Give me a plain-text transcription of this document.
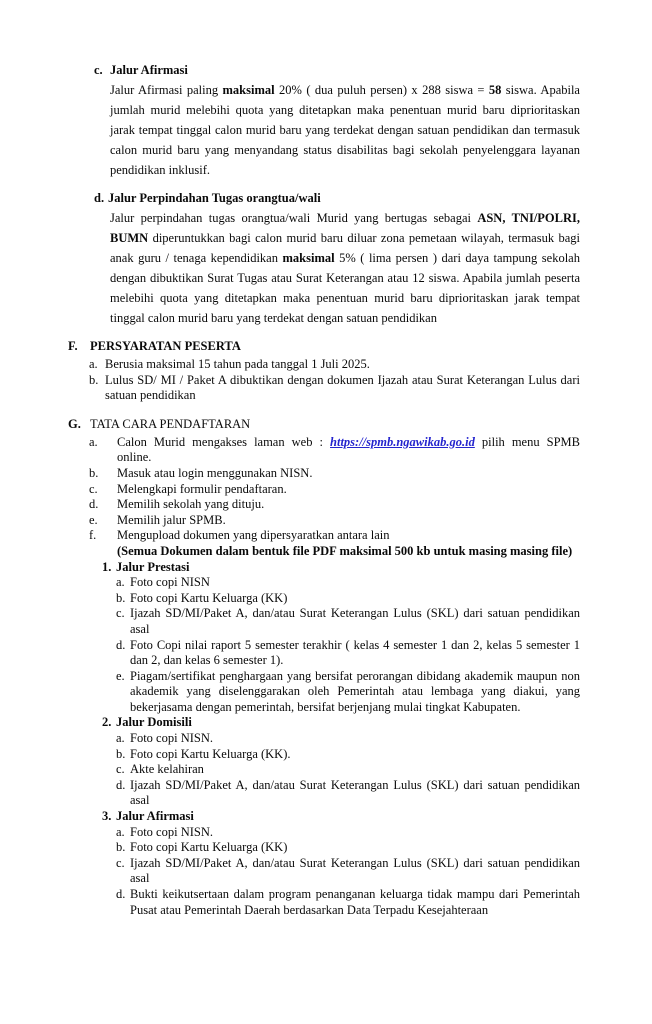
c. Jalur Afirmasi

Jalur Afirmasi paling maksimal 20% ( dua puluh persen) x 288 siswa = 58 siswa. Apabila jumlah murid melebihi quota yang ditetapkan maka penentuan murid baru diprioritaskan jarak tempat tinggal calon murid baru yang terdekat dengan satuan pendidikan dan termasuk calon murid baru yang menyandang status disabilitas bagi sekolah penyelenggara layanan pendidikan inklusif.

d. Jalur Perpindahan Tugas orangtua/wali

Jalur perpindahan tugas orangtua/wali Murid yang bertugas sebagai ASN, TNI/POLRI, BUMN diperuntukkan bagi calon murid baru diluar zona pemetaan wilayah, termasuk bagi anak guru / tenaga kependidikan maksimal 5% ( lima persen ) dari daya tampung sekolah dengan dibuktikan Surat Tugas atau Surat Keterangan atau 12 siswa. Apabila jumlah peserta melebihi quota yang ditetapkan maka penentuan murid baru diprioritaskan jarak tempat tinggal calon murid baru yang terdekat dengan satuan pendidikan

F. PERSYARATAN PESERTA
a. Berusia maksimal 15 tahun pada tanggal 1 Juli 2025.
b. Lulus SD/ MI / Paket A dibuktikan dengan dokumen Ijazah atau Surat Keterangan Lulus dari satuan pendidikan
G. TATA CARA PENDAFTARAN
a.	Calon Murid mengakses laman web : https://spmb.ngawikab.go.id pilih menu SPMB online.
b.	Masuk atau login menggunakan NISN.
c.	Melengkapi formulir pendaftaran.
d.	Memilih sekolah yang dituju.
e.	Memilih jalur SPMB.
f.	Mengupload dokumen yang dipersyaratkan antara lain
(Semua Dokumen dalam bentuk file PDF maksimal 500 kb untuk masing masing file)
1. Jalur Prestasi
a. Foto copi NISN
b. Foto copi Kartu Keluarga (KK)
c. Ijazah SD/MI/Paket A, dan/atau Surat Keterangan Lulus (SKL) dari satuan pendidikan asal
d. Foto Copi nilai raport 5 semester terakhir ( kelas 4 semester 1 dan 2, kelas 5 semester 1 dan 2, dan kelas 6 semester 1).
e. Piagam/sertifikat penghargaan yang bersifat perorangan dibidang akademik maupun non akademik yang diselenggarakan oleh Pemerintah atau lembaga yang diakui, yang bekerjasama dengan pemerintah, bersifat berjenjang mulai tingkat Kabupaten.
2. Jalur Domisili
a. Foto copi NISN.
b. Foto copi Kartu Keluarga (KK).
c. Akte kelahiran
d. Ijazah SD/MI/Paket A, dan/atau Surat Keterangan Lulus (SKL) dari satuan pendidikan asal
3. Jalur Afirmasi
a. Foto copi NISN.
b. Foto copi Kartu Keluarga (KK)
c. Ijazah SD/MI/Paket A, dan/atau Surat Keterangan Lulus (SKL) dari satuan pendidikan asal
d. Bukti keikutsertaan dalam program penanganan keluarga tidak mampu dari Pemerintah Pusat atau Pemerintah Daerah berdasarkan Data Terpadu Kesejahteraan
